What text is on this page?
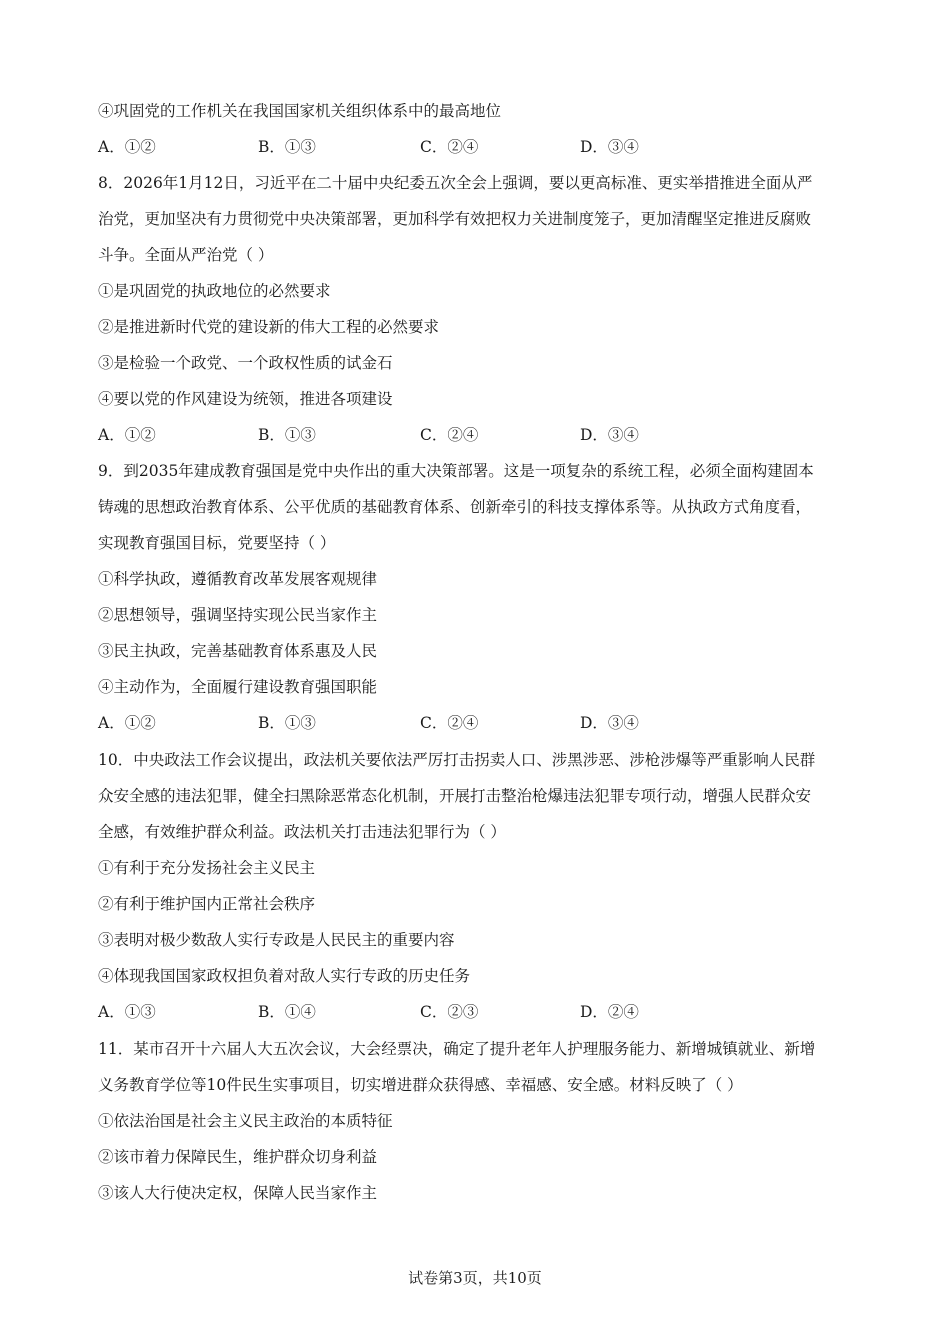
④巩固党的工作机关在我国国家机关组织体系中的最高地位
A．①②	B．①③	C．②④	D．③④
8．2026年1月12日，习近平在二十届中央纪委五次全会上强调，要以更高标准、更实举措推进全面从严
治党，更加坚决有力贯彻党中央决策部署，更加科学有效把权力关进制度笼子，更加清醒坚定推进反腐败
斗争。全面从严治党（ ）
①是巩固党的执政地位的必然要求
②是推进新时代党的建设新的伟大工程的必然要求
③是检验一个政党、一个政权性质的试金石
④要以党的作风建设为统领，推进各项建设
A．①②	B．①③	C．②④	D．③④
9．到2035年建成教育强国是党中央作出的重大决策部署。这是一项复杂的系统工程，必须全面构建固本
铸魂的思想政治教育体系、公平优质的基础教育体系、创新牵引的科技支撑体系等。从执政方式角度看，
实现教育强国目标，党要坚持（ ）
①科学执政，遵循教育改革发展客观规律
②思想领导，强调坚持实现公民当家作主
③民主执政，完善基础教育体系惠及人民
④主动作为，全面履行建设教育强国职能
A．①②	B．①③	C．②④	D．③④
10．中央政法工作会议提出，政法机关要依法严厉打击拐卖人口、涉黑涉恶、涉枪涉爆等严重影响人民群
众安全感的违法犯罪，健全扫黑除恶常态化机制，开展打击整治枪爆违法犯罪专项行动，增强人民群众安
全感，有效维护群众利益。政法机关打击违法犯罪行为（ ）
①有利于充分发扬社会主义民主
②有利于维护国内正常社会秩序
③表明对极少数敌人实行专政是人民民主的重要内容
④体现我国国家政权担负着对敌人实行专政的历史任务
A．①③	B．①④	C．②③	D．②④
11．某市召开十六届人大五次会议，大会经票决，确定了提升老年人护理服务能力、新增城镇就业、新增
义务教育学位等10件民生实事项目，切实增进群众获得感、幸福感、安全感。材料反映了（ ）
①依法治国是社会主义民主政治的本质特征
②该市着力保障民生，维护群众切身利益
③该人大行使决定权，保障人民当家作主
试卷第3页，共10页
